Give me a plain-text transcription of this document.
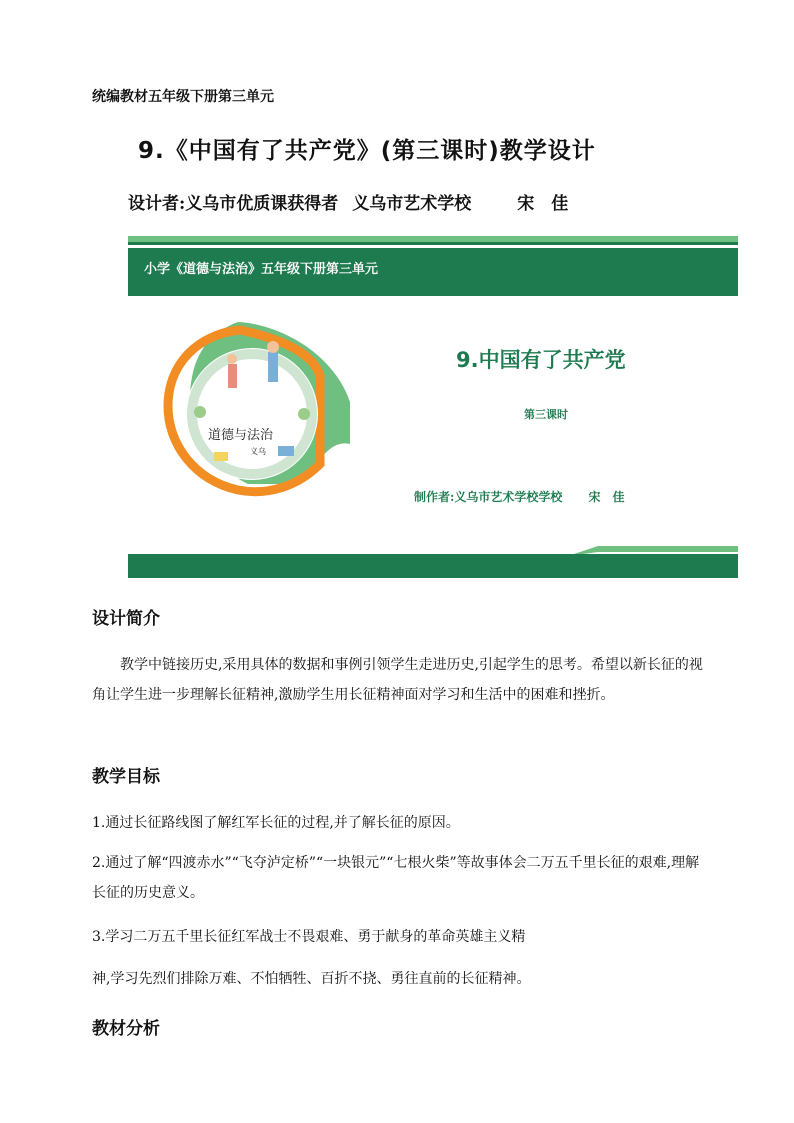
统编教材五年级下册第三单元
9.《中国有了共产党》(第三课时)教学设计
设计者:义乌市优质课获得者 义乌市艺术学校	宋　佳
小学《道德与法治》五年级下册第三单元
道德与法治
义乌
9.中国有了共产党
第三课时
制作者:义乌市艺术学校学校 宋　佳
设计简介

教学中链接历史,采用具体的数据和事例引领学生走进历史,引起学生的思考。希望以新长征的视角让学生进一步理解长征精神,激励学生用长征精神面对学习和生活中的困难和挫折。

教学目标

1.通过长征路线图了解红军长征的过程,并了解长征的原因。

2.通过了解“四渡赤水”“飞夺泸定桥”“一块银元”“七根火柴”等故事体会二万五千里长征的艰难,理解长征的历史意义。

3.学习二万五千里长征红军战士不畏艰难、勇于献身的革命英雄主义精

神,学习先烈们排除万难、不怕牺牲、百折不挠、勇往直前的长征精神。

教材分析
